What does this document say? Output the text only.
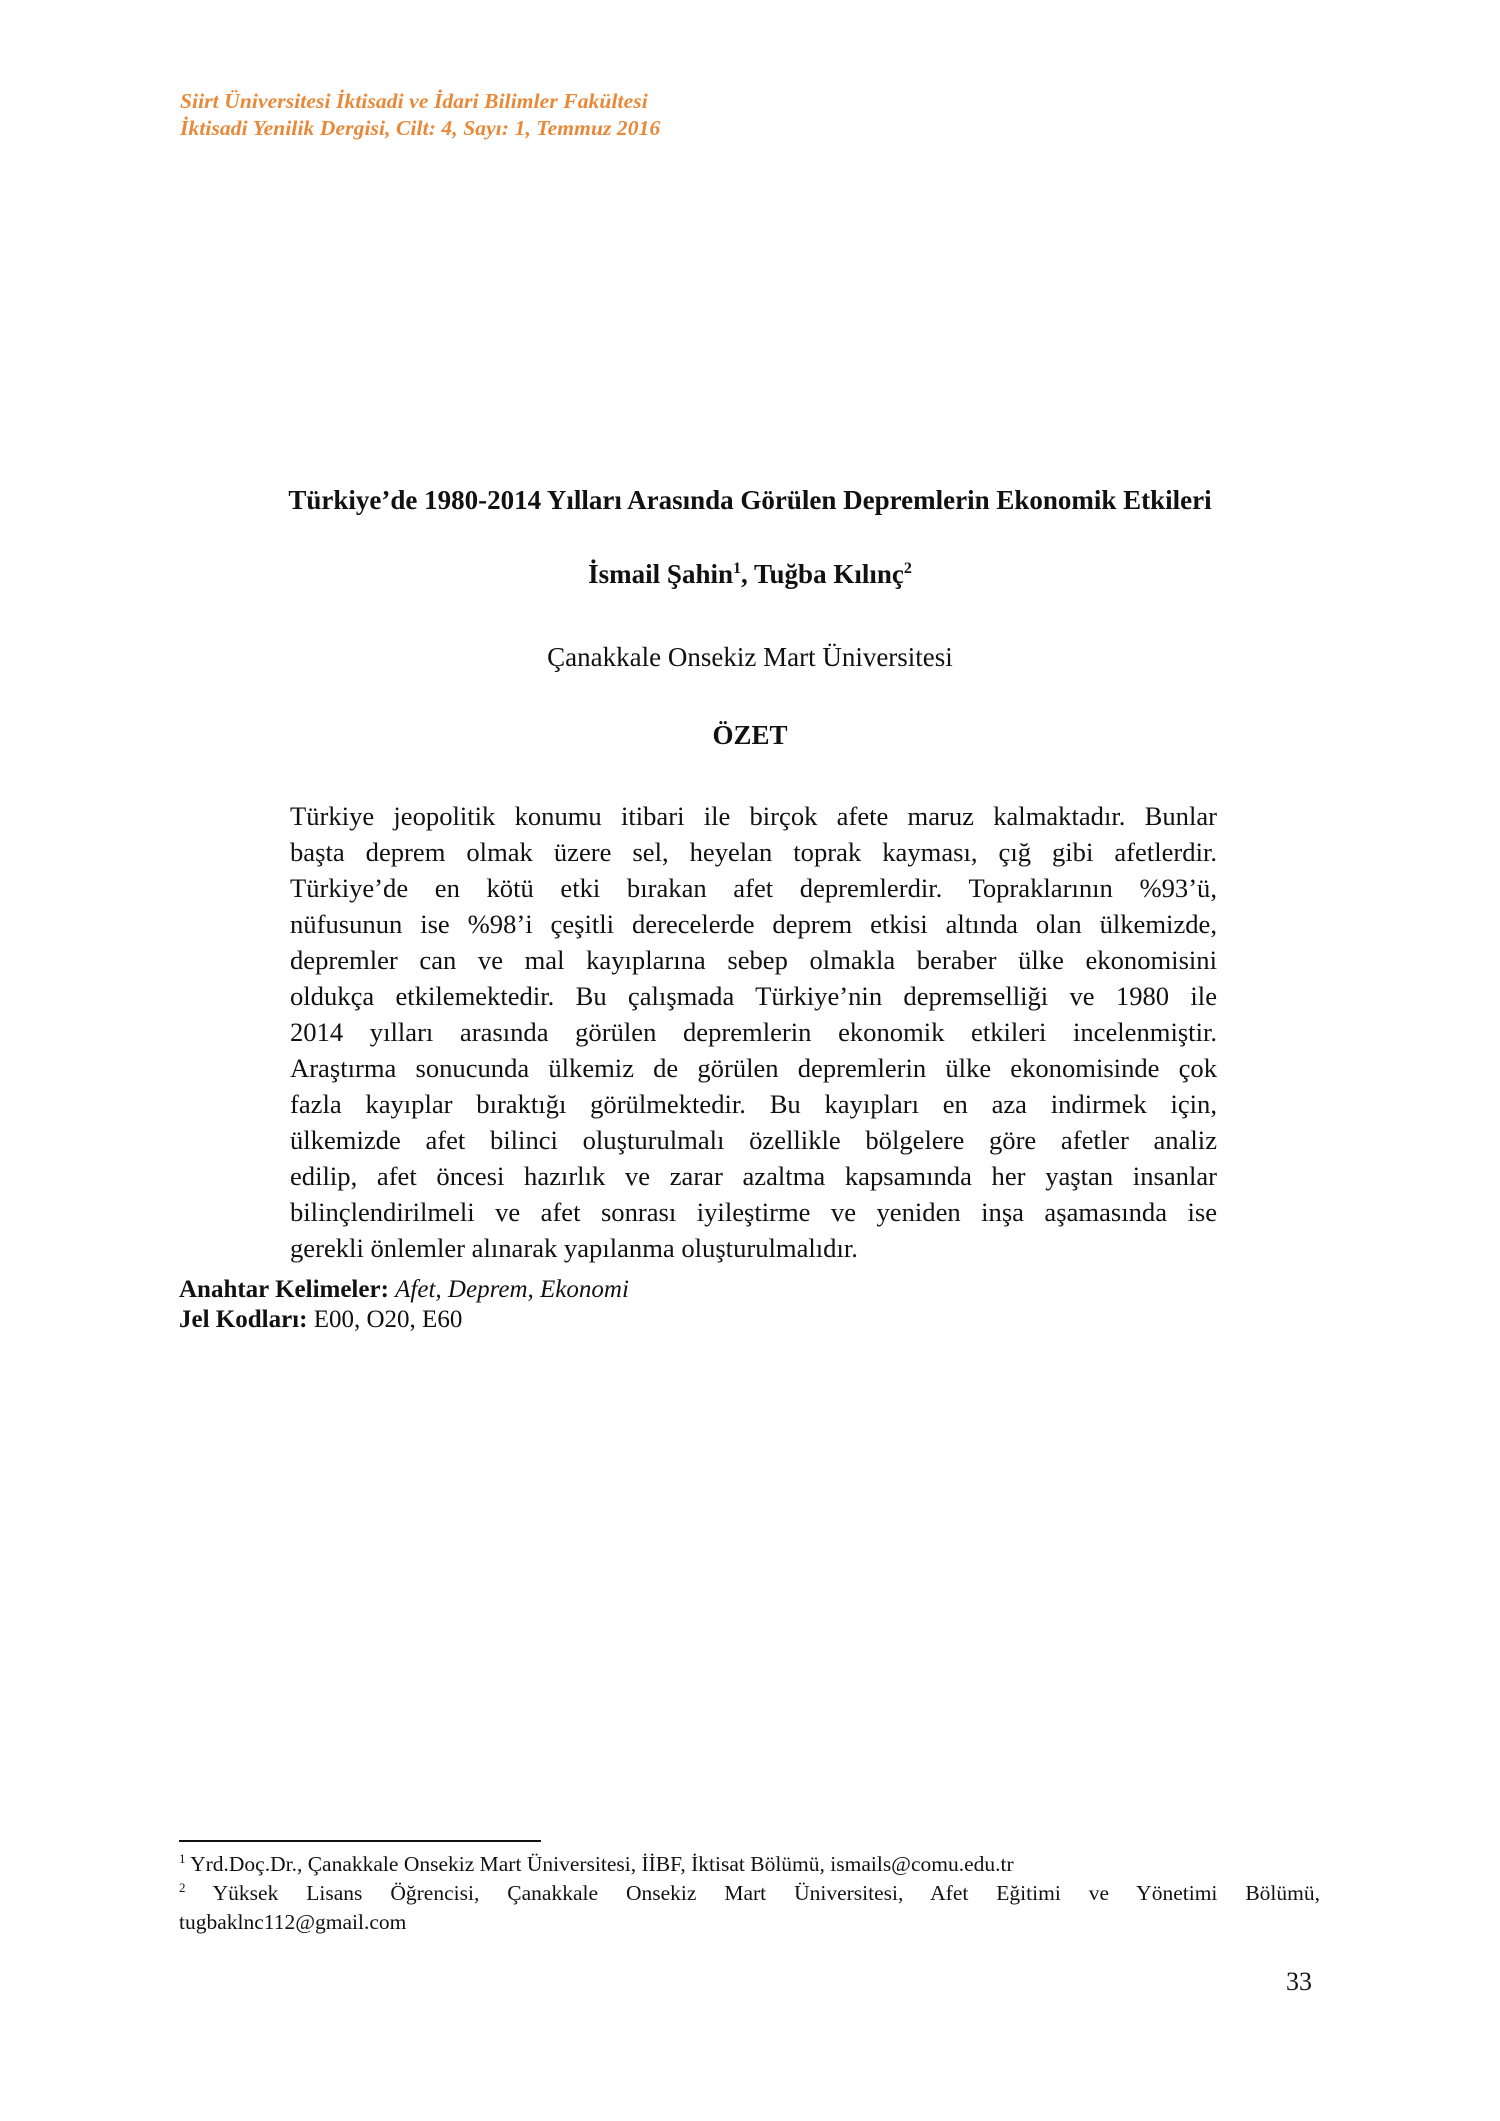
Siirt Üniversitesi İktisadi ve İdari Bilimler Fakültesi
İktisadi Yenilik Dergisi, Cilt: 4, Sayı: 1, Temmuz 2016
Türkiye’de 1980-2014 Yılları Arasında Görülen Depremlerin Ekonomik Etkileri
İsmail Şahin$^1$, Tuğba Kılınç$^2$
Çanakkale Onsekiz Mart Üniversitesi
ÖZET
Türkiye jeopolitik konumu itibari ile birçok afete maruz kalmaktadır. Bunlar
başta deprem olmak üzere sel, heyelan toprak kayması, çığ gibi afetlerdir.
Türkiye’de en kötü etki bırakan afet depremlerdir. Topraklarının %93’ü,
nüfusunun ise %98’i çeşitli derecelerde deprem etkisi altında olan ülkemizde,
depremler can ve mal kayıplarına sebep olmakla beraber ülke ekonomisini
oldukça etkilemektedir. Bu çalışmada Türkiye’nin depremselliği ve 1980 ile
2014 yılları arasında görülen depremlerin ekonomik etkileri incelenmiştir.
Araştırma sonucunda ülkemiz de görülen depremlerin ülke ekonomisinde çok
fazla kayıplar bıraktığı görülmektedir. Bu kayıpları en aza indirmek için,
ülkemizde afet bilinci oluşturulmalı özellikle bölgelere göre afetler analiz
edilip, afet öncesi hazırlık ve zarar azaltma kapsamında her yaştan insanlar
bilinçlendirilmeli ve afet sonrası iyileştirme ve yeniden inşa aşamasında ise
gerekli önlemler alınarak yapılanma oluşturulmalıdır.
Anahtar Kelimeler: Afet, Deprem, Ekonomi
Jel Kodları: E00, O20, E60
$^1$ Yrd.Doç.Dr., Çanakkale Onsekiz Mart Üniversitesi, İİBF, İktisat Bölümü, ismails@comu.edu.tr
$^2$ Yüksek Lisans Öğrencisi, Çanakkale Onsekiz Mart Üniversitesi, Afet Eğitimi ve Yönetimi Bölümü,
tugbaklnc112@gmail.com
33
